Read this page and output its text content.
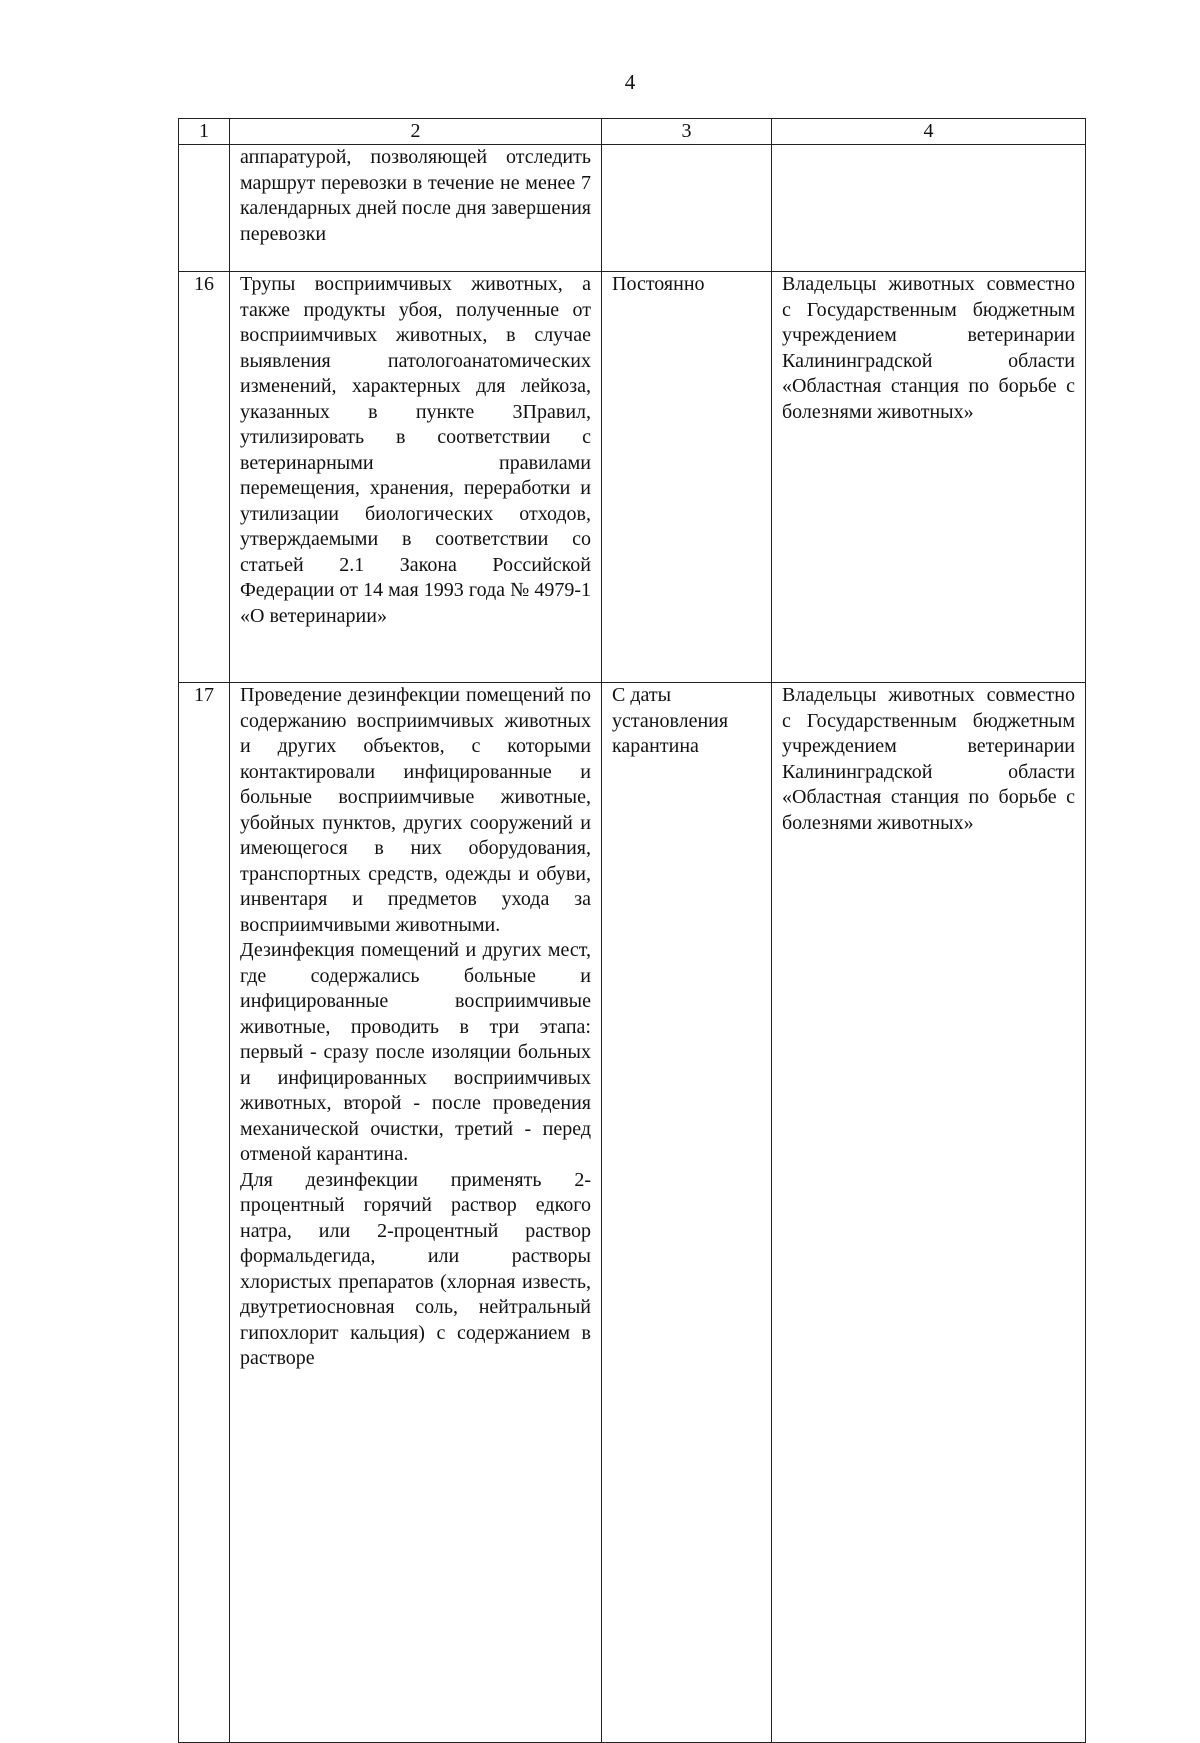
4
1	2	3	4
	аппаратурой, позволяющей отследить маршрут перевозки в течение не менее 7 календарных дней после дня завершения перевозки		
16	Трупы восприимчивых животных, а также продукты убоя, полученные от восприимчивых животных, в случае выявления патологоанатомических изменений, характерных для лейкоза, указанных в пункте 3Правил, утилизировать в соответствии с ветеринарными правилами перемещения, хранения, переработки и утилизации биологических отходов, утверждаемыми в соответствии со статьей 2.1 Закона Российской Федерации от 14 мая 1993 года № 4979-1 «О ветеринарии»	Постоянно	Владельцы животных совместно с Государственным бюджетным учреждением ветеринарии Калининградской области «Областная станция по борьбе с болезнями животных»
17	Проведение дезинфекции помещений по содержанию восприимчивых животных и других объектов, с которыми контактировали инфицированные и больные восприимчивые животные, убойных пунктов, других сооружений и имеющегося в них оборудования, транспортных средств, одежды и обуви, инвентаря и предметов ухода за восприимчивыми животными.
Дезинфекция помещений и других мест, где содержались больные и инфицированные восприимчивые животные, проводить в три этапа: первый - сразу после изоляции больных и инфицированных восприимчивых животных, второй - после проведения механической очистки, третий - перед отменой карантина.
Для дезинфекции применять 2-процентный горячий раствор едкого натра, или 2-процентный раствор формальдегида, или растворы хлористых препаратов (хлорная известь, двутретиосновная соль, нейтральный гипохлорит кальция) с содержанием в растворе	С даты установления карантина	Владельцы животных совместно с Государственным бюджетным учреждением ветеринарии Калининградской области «Областная станция по борьбе с болезнями животных»
